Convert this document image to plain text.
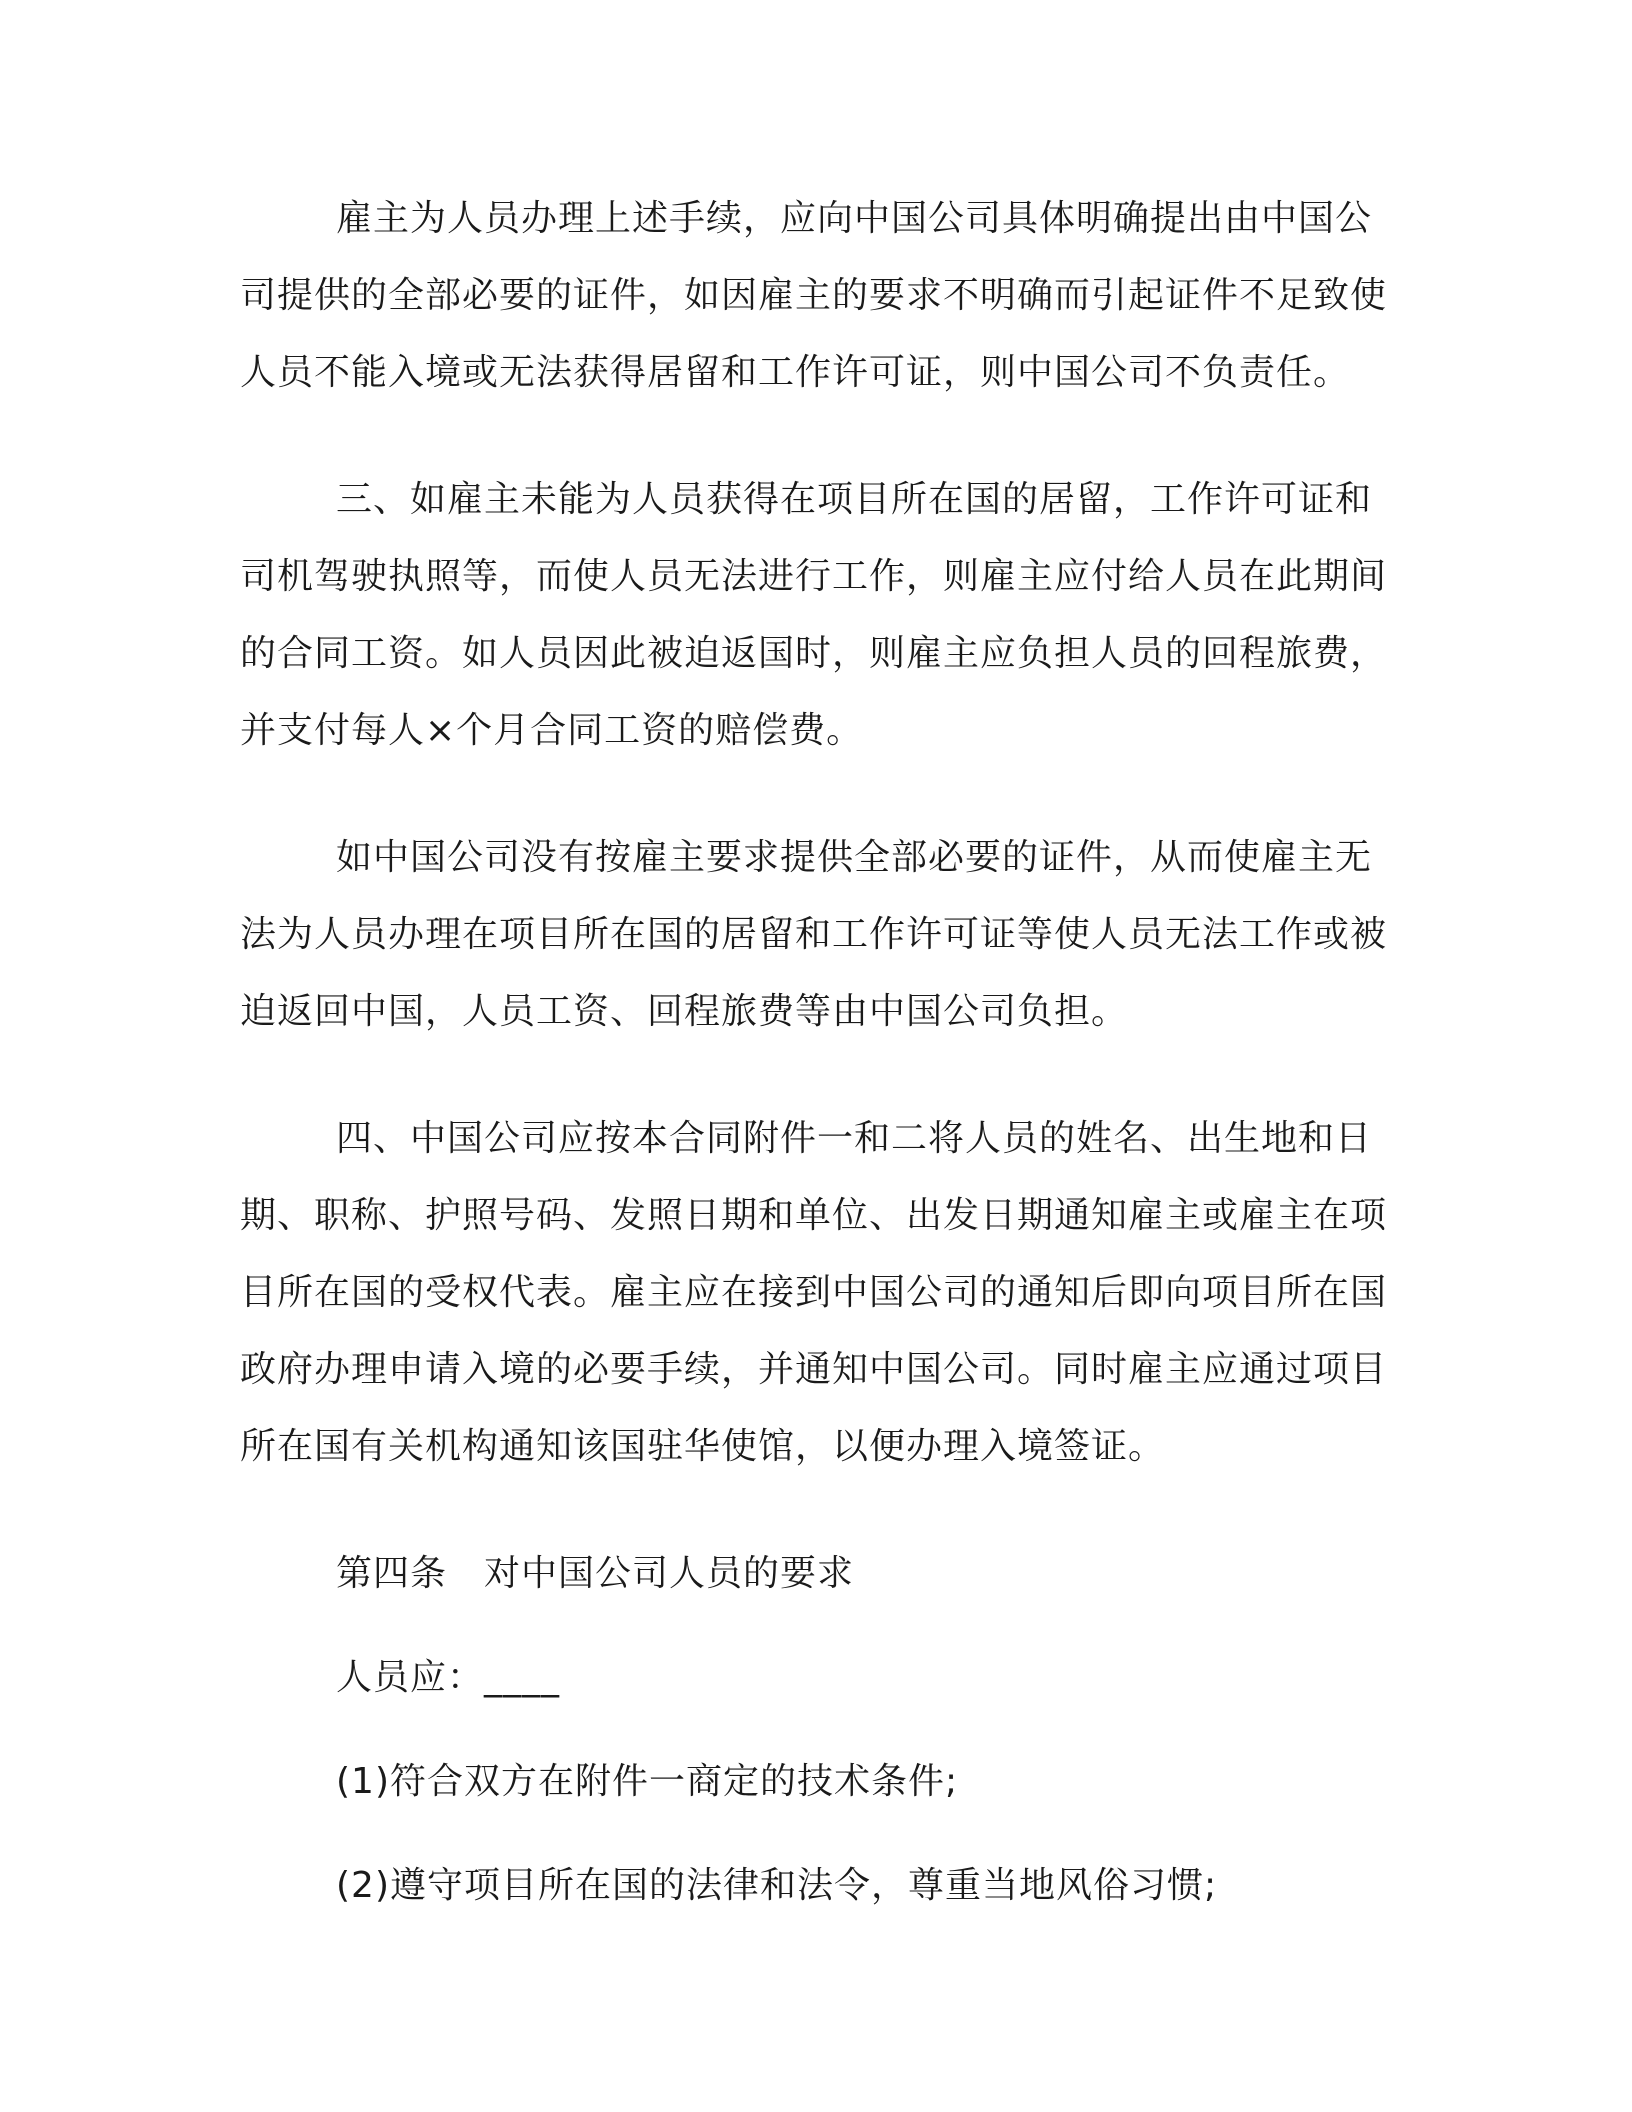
雇主为人员办理上述手续，应向中国公司具体明确提出由中国公司提供的全部必要的证件，如因雇主的要求不明确而引起证件不足致使人员不能入境或无法获得居留和工作许可证，则中国公司不负责任。

三、如雇主未能为人员获得在项目所在国的居留，工作许可证和司机驾驶执照等，而使人员无法进行工作，则雇主应付给人员在此期间的合同工资。如人员因此被迫返国时，则雇主应负担人员的回程旅费，并支付每人×个月合同工资的赔偿费。

如中国公司没有按雇主要求提供全部必要的证件，从而使雇主无法为人员办理在项目所在国的居留和工作许可证等使人员无法工作或被迫返回中国，人员工资、回程旅费等由中国公司负担。

四、中国公司应按本合同附件一和二将人员的姓名、出生地和日期、职称、护照号码、发照日期和单位、出发日期通知雇主或雇主在项目所在国的受权代表。雇主应在接到中国公司的通知后即向项目所在国政府办理申请入境的必要手续，并通知中国公司。同时雇主应通过项目所在国有关机构通知该国驻华使馆，以便办理入境签证。

第四条　对中国公司人员的要求

人员应：____

(1)符合双方在附件一商定的技术条件;

(2)遵守项目所在国的法律和法令，尊重当地风俗习惯;
